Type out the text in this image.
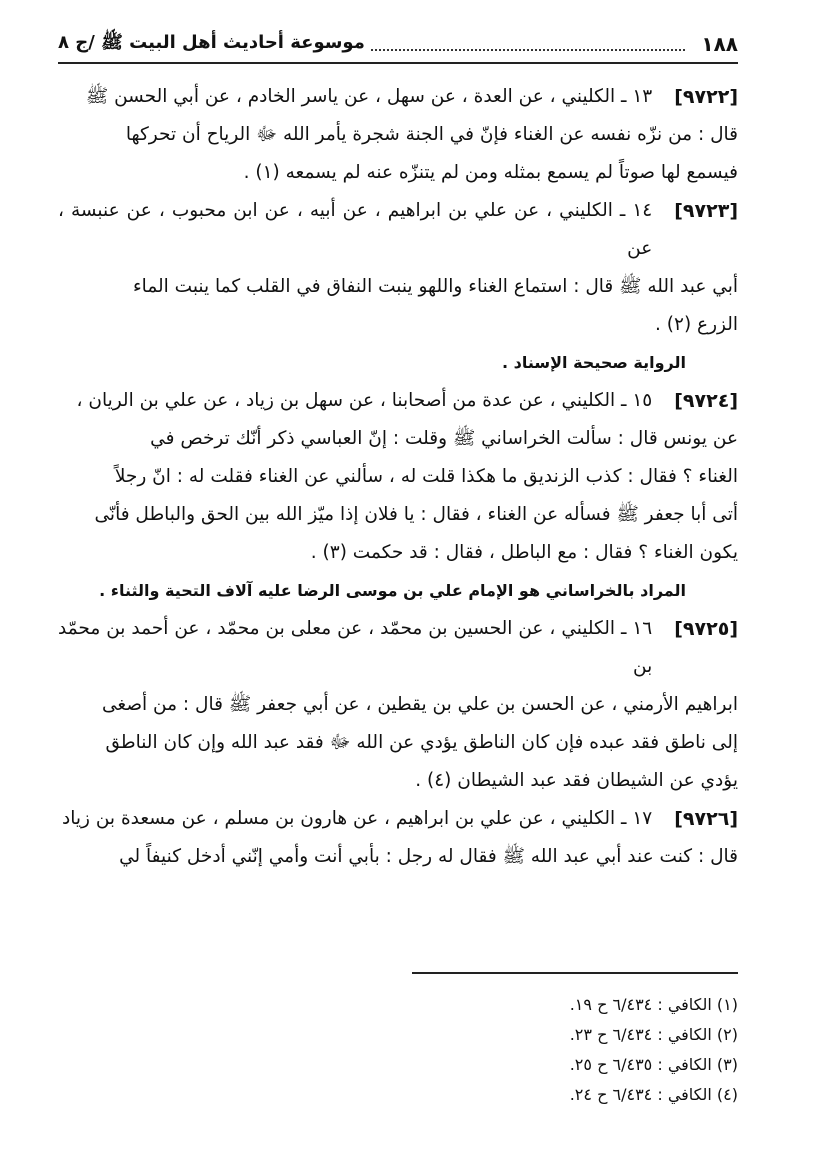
١٨٨
موسوعة أحاديث أهل البيت ﷺ /ج ٨
[٩٧٢٢]
١٣ ـ الكليني ، عن العدة ، عن سهل ، عن ياسر الخادم ، عن أبي الحسن ﷺ
قال : من نزّه نفسه عن الغناء فإنّ في الجنة شجرة يأمر الله ﷻ الرياح أن تحركها
فيسمع لها صوتاً لم يسمع بمثله ومن لم يتنزّه عنه لم يسمعه (١) .
[٩٧٢٣]
١٤ ـ الكليني ، عن علي بن ابراهيم ، عن أبيه ، عن ابن محبوب ، عن عنبسة ، عن
أبي عبد الله ﷺ قال : استماع الغناء واللهو ينبت النفاق في القلب كما ينبت الماء
الزرع (٢) .
الرواية صحيحة الإسناد .
[٩٧٢٤]
١٥ ـ الكليني ، عن عدة من أصحابنا ، عن سهل بن زياد ، عن علي بن الريان ،
عن يونس قال : سألت الخراساني ﷺ وقلت : إنّ العباسي ذكر أنّك ترخص في
الغناء ؟ فقال : كذب الزنديق ما هكذا قلت له ، سألني عن الغناء فقلت له : انّ رجلاً
أتى أبا جعفر ﷺ فسأله عن الغناء ، فقال : يا فلان إذا ميّز الله بين الحق والباطل فأنّى
يكون الغناء ؟ فقال : مع الباطل ، فقال : قد حكمت (٣) .
المراد بالخراساني هو الإمام علي بن موسى الرضا عليه آلاف التحية والثناء .
[٩٧٢٥]
١٦ ـ الكليني ، عن الحسين بن محمّد ، عن معلى بن محمّد ، عن أحمد بن محمّد بن
ابراهيم الأرمني ، عن الحسن بن علي بن يقطين ، عن أبي جعفر ﷺ قال : من أصغى
إلى ناطق فقد عبده فإن كان الناطق يؤدي عن الله ﷻ فقد عبد الله وإن كان الناطق
يؤدي عن الشيطان فقد عبد الشيطان (٤) .
[٩٧٢٦]
١٧ ـ الكليني ، عن علي بن ابراهيم ، عن هارون بن مسلم ، عن مسعدة بن زياد
قال : كنت عند أبي عبد الله ﷺ فقال له رجل : بأبي أنت وأمي إنّني أدخل كنيفاً لي
(١) الكافي : ٦/٤٣٤ ح ١٩.
(٢) الكافي : ٦/٤٣٤ ح ٢٣.
(٣) الكافي : ٦/٤٣٥ ح ٢٥.
(٤) الكافي : ٦/٤٣٤ ح ٢٤.
